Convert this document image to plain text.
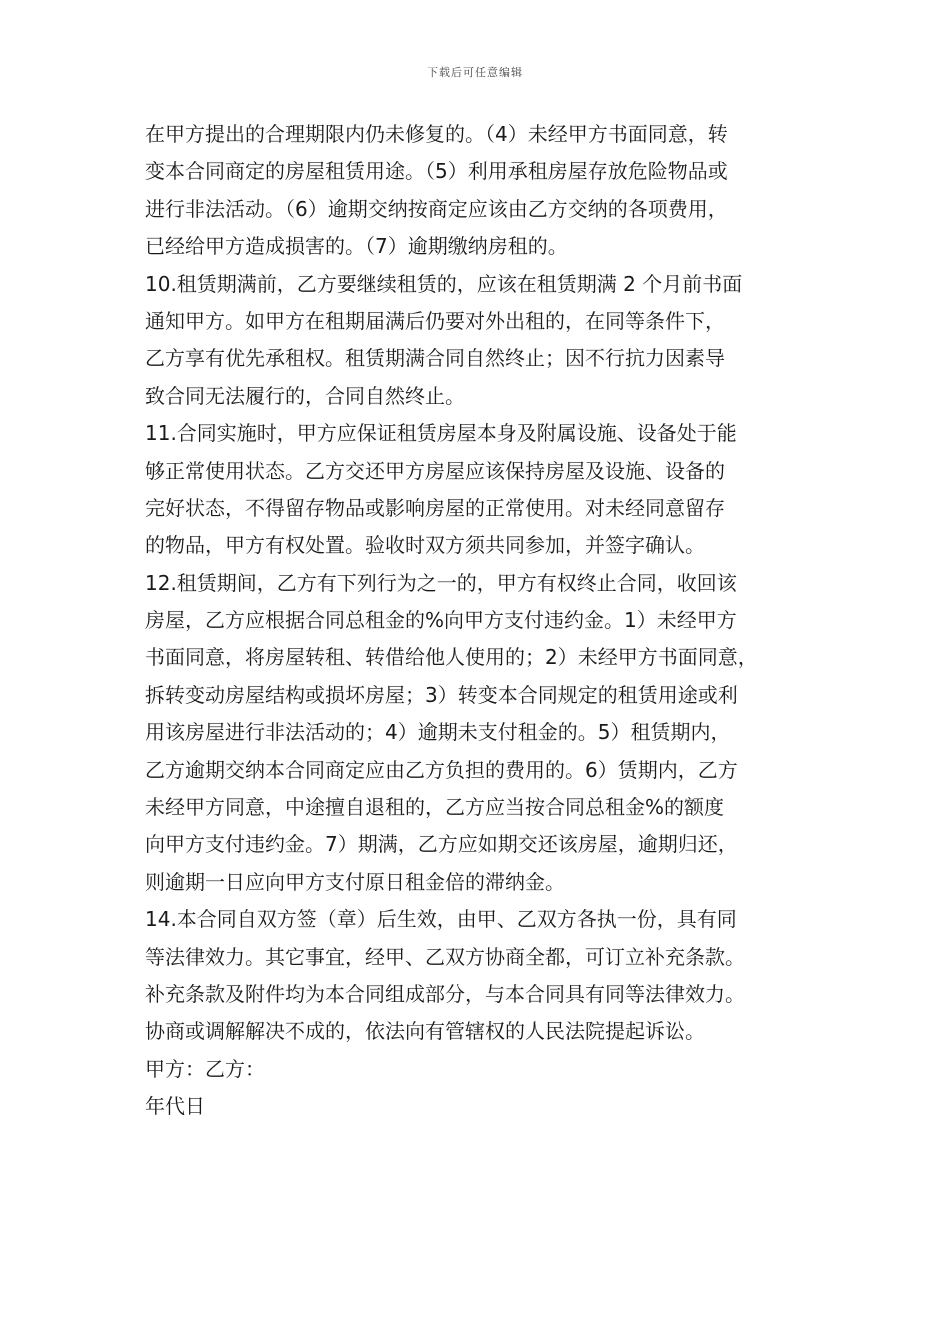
下载后可任意编辑
在甲方提出的合理期限内仍未修复的。（4）未经甲方书面同意，转
变本合同商定的房屋租赁用途。（5）利用承租房屋存放危险物品或
进行非法活动。（6）逾期交纳按商定应该由乙方交纳的各项费用，
已经给甲方造成损害的。（7）逾期缴纳房租的。
10.租赁期满前，乙方要继续租赁的，应该在租赁期满 2 个月前书面
通知甲方。如甲方在租期届满后仍要对外出租的，在同等条件下，
乙方享有优先承租权。租赁期满合同自然终止；因不行抗力因素导
致合同无法履行的，合同自然终止。
11.合同实施时，甲方应保证租赁房屋本身及附属设施、设备处于能
够正常使用状态。乙方交还甲方房屋应该保持房屋及设施、设备的
完好状态，不得留存物品或影响房屋的正常使用。对未经同意留存
的物品，甲方有权处置。验收时双方须共同参加，并签字确认。
12.租赁期间，乙方有下列行为之一的，甲方有权终止合同，收回该
房屋，乙方应根据合同总租金的%向甲方支付违约金。1）未经甲方
书面同意，将房屋转租、转借给他人使用的；2）未经甲方书面同意，
拆转变动房屋结构或损坏房屋；3）转变本合同规定的租赁用途或利
用该房屋进行非法活动的；4）逾期未支付租金的。5）租赁期内，
乙方逾期交纳本合同商定应由乙方负担的费用的。6）赁期内，乙方
未经甲方同意，中途擅自退租的，乙方应当按合同总租金%的额度
向甲方支付违约金。7）期满，乙方应如期交还该房屋，逾期归还，
则逾期一日应向甲方支付原日租金倍的滞纳金。
14.本合同自双方签（章）后生效，由甲、乙双方各执一份，具有同
等法律效力。其它事宜，经甲、乙双方协商全都，可订立补充条款。
补充条款及附件均为本合同组成部分，与本合同具有同等法律效力。
协商或调解解决不成的，依法向有管辖权的人民法院提起诉讼。
甲方：乙方：
年代日
